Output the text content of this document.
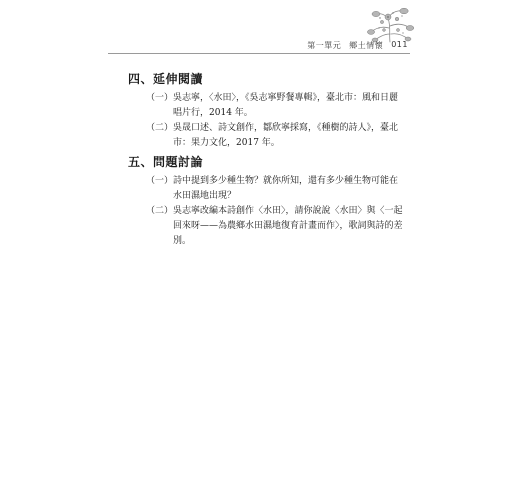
第一單元 鄉土情懷 011
四、延伸閱讀
（一） 吳志寧，〈水田〉，《吳志寧野餐專輯》，臺北市：風和日麗唱片行，2014 年。
（二） 吳晟口述、詩文創作，鄒欣寧採寫，《種樹的詩人》，臺北市：果力文化，2017 年。
五、問題討論
（一） 詩中提到多少種生物？就你所知，還有多少種生物可能在水田濕地出現？
（二） 吳志寧改編本詩創作〈水田〉，請你說說〈水田〉與〈一起回來呀——為農鄉水田濕地復育計畫而作〉，歌詞與詩的差別。
